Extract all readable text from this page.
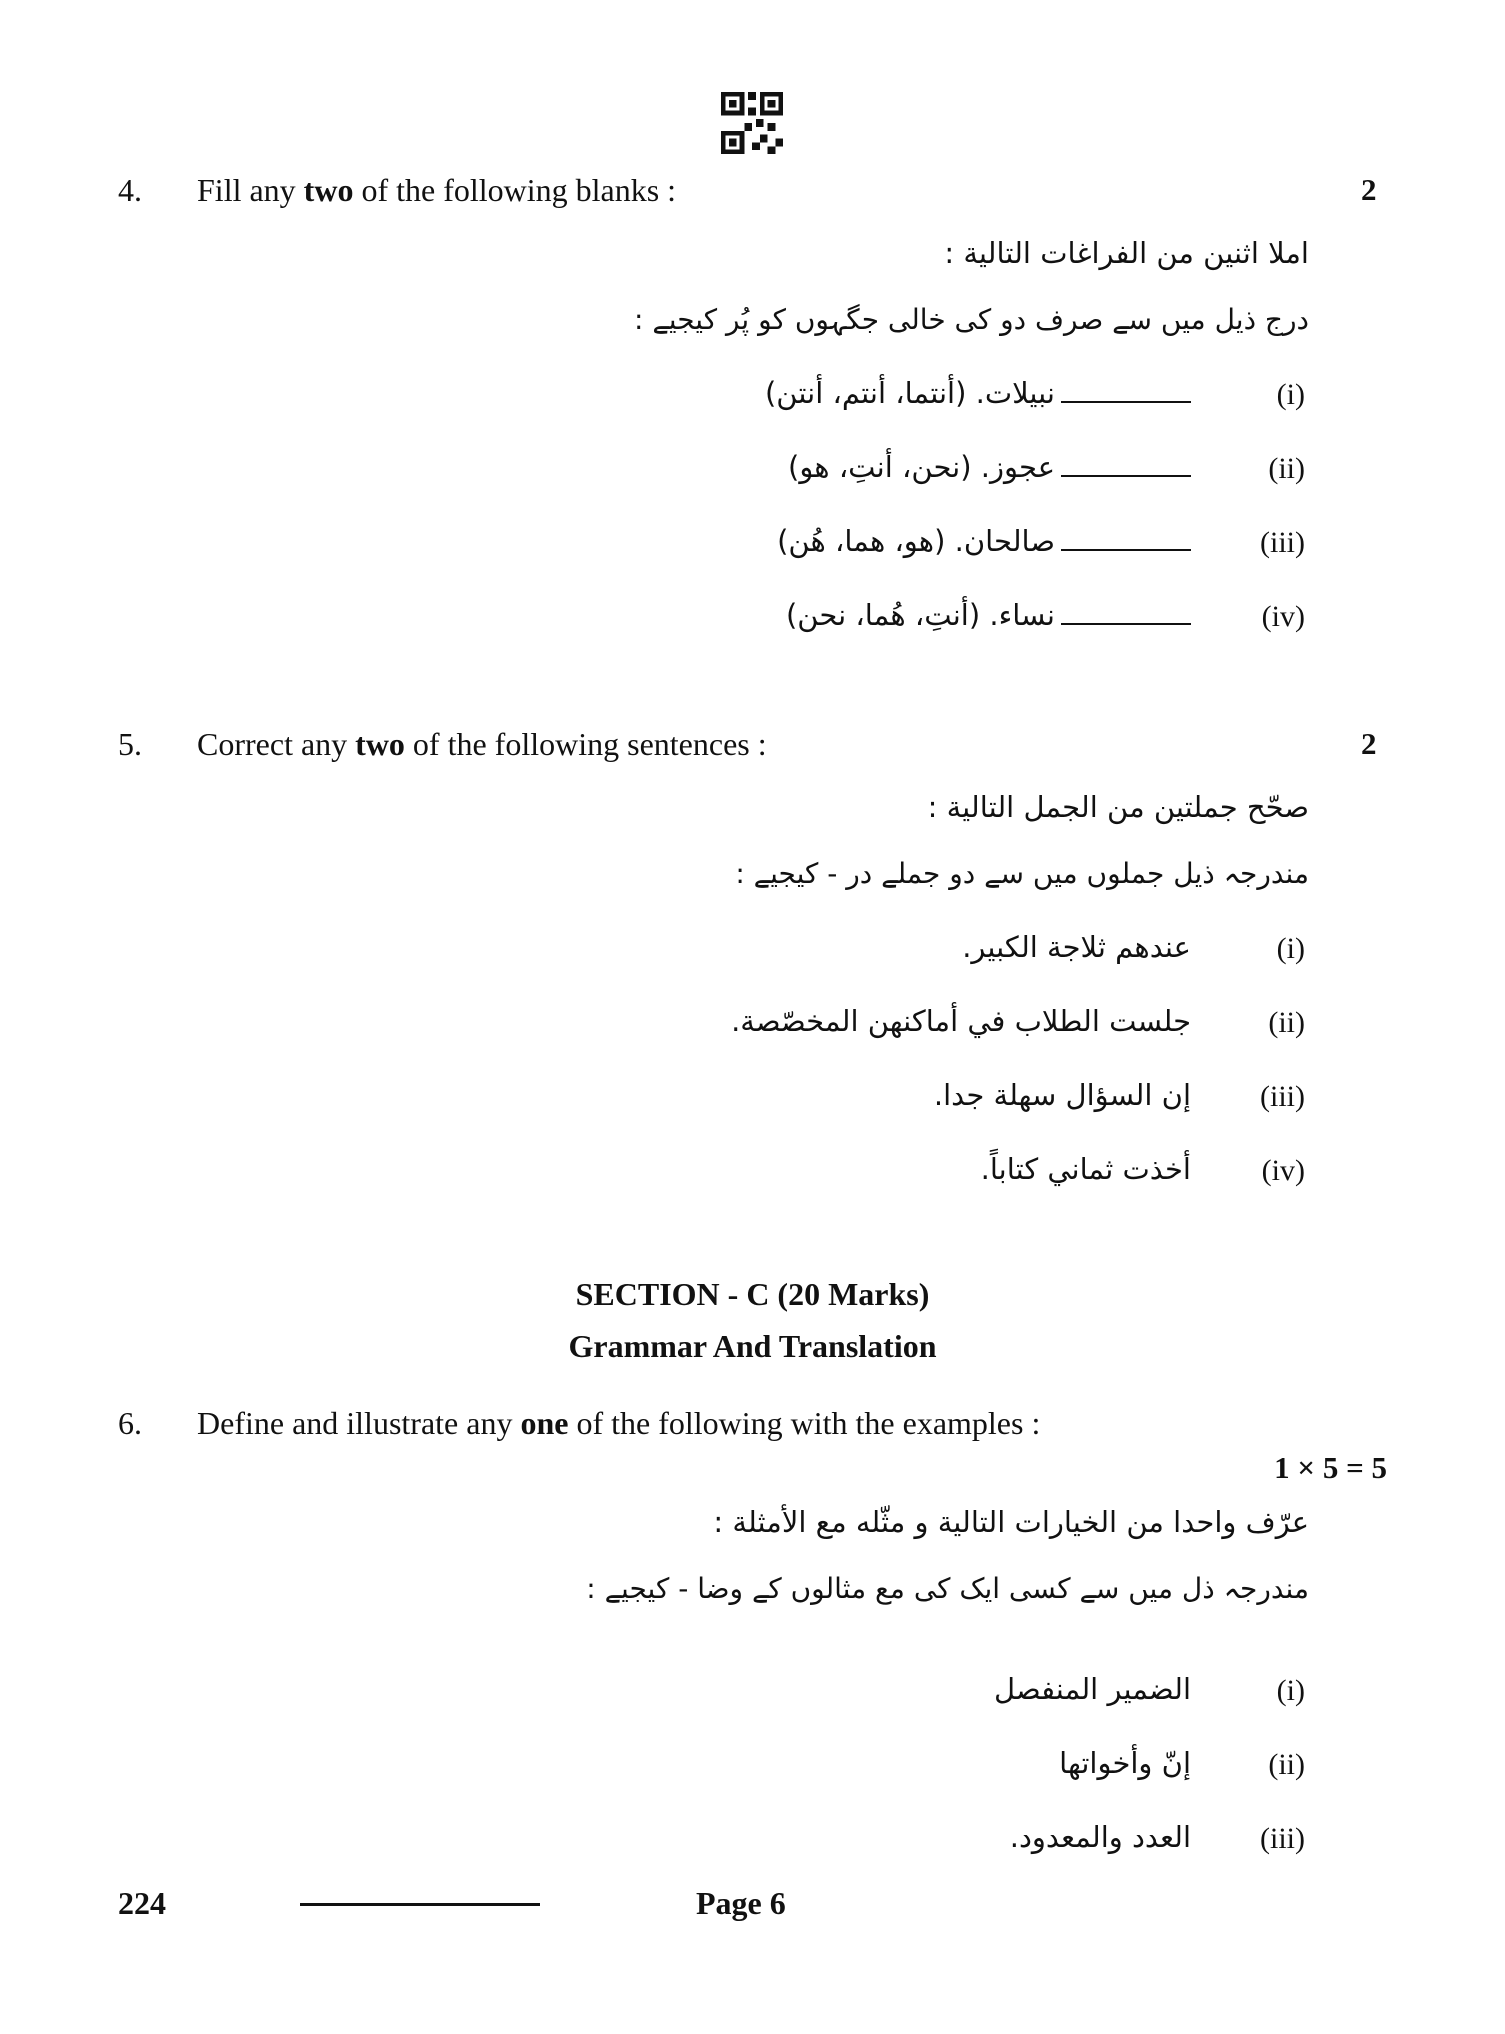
4. Fill any two of the following blanks :	2
املا اثنين من الفراغات التالية :
درج ذیل میں سے صرف دو کی خالی جگہوں کو پُر کیجیے :
(i)
نبيلات. (أنتما، أنتم، أنتن)
(ii)
عجوز. (نحن، أنتِ، هو)
(iii)
صالحان. (هو، هما، هُن)
(iv)
نساء. (أنتِ، هُما، نحن)
5. Correct any two of the following sentences :	2
صحّح جملتين من الجمل التالية :
مندرجہ ذیل جملوں میں سے دو جملے در - کیجیے :
(i)
عندهم ثلاجة الكبير.
(ii)
جلست الطلاب في أماكنهن المخصّصة.
(iii)
إن السؤال سهلة جدا.
(iv)
أخذت ثماني كتاباً.
SECTION - C (20 Marks)
Grammar And Translation
6. Define and illustrate any one of the following with the examples :
1 × 5 = 5
عرّف واحدا من الخيارات التالية و مثّله مع الأمثلة :
مندرجہ ذل میں سے کسی ایک کی مع مثالوں کے وضا - کیجیے :
(i)
الضمير المنفصل
(ii)
إنّ وأخواتها
(iii)
العدد والمعدود.
224	Page 6
